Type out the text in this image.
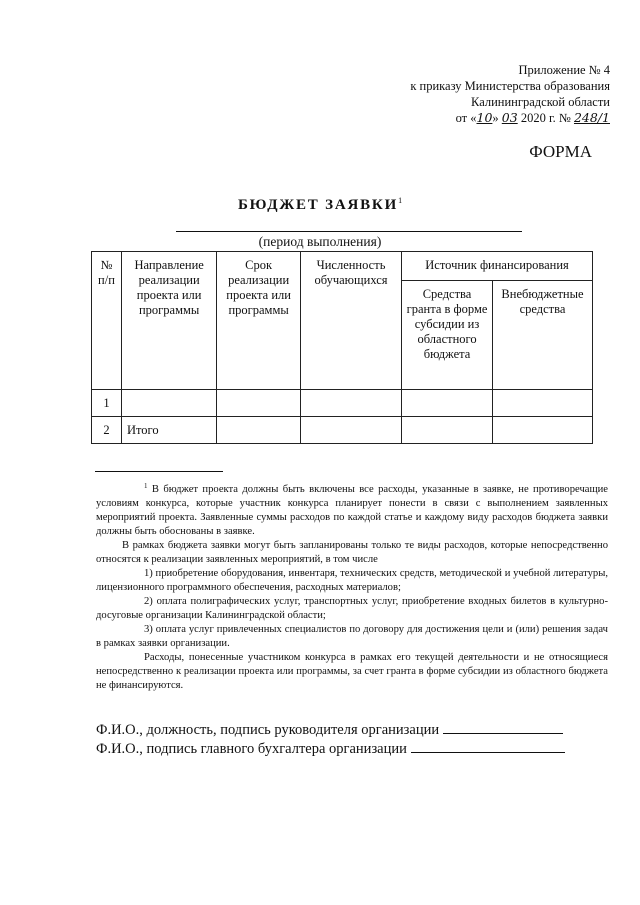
Приложение № 4
к приказу Министерства образования
Калининградской области
от «10» 03 2020 г. № 248/1
ФОРМА
БЮДЖЕТ ЗАЯВКИ$^1$
(период выполнения)
№ п/п	Направление реализации проекта или программы	Срок реализации проекта или программы	Численность обучающихся	Источник финансирования	
				Средства гранта в форме субсидии из областного бюджета	Внебюджетные средства
1					
2	Итого				

$^1$ В бюджет проекта должны быть включены все расходы, указанные в заявке, не противоречащие условиям конкурса, которые участник конкурса планирует понести в связи с выполнением заявленных мероприятий проекта. Заявленные суммы расходов по каждой статье и каждому виду расходов бюджета заявки должны быть обоснованы в заявке.

В рамках бюджета заявки могут быть запланированы только те виды расходов, которые непосредственно относятся к реализации заявленных мероприятий, в том числе

1) приобретение оборудования, инвентаря, технических средств, методической и учебной литературы, лицензионного программного обеспечения, расходных материалов;

2) оплата полиграфических услуг, транспортных услуг, приобретение входных билетов в культурно-досуговые организации Калининградской области;

3) оплата услуг привлеченных специалистов по договору для достижения цели и (или) решения задач в рамках заявки организации.

Расходы, понесенные участником конкурса в рамках его текущей деятельности и не относящиеся непосредственно к реализации проекта или программы, за счет гранта в форме субсидии из областного бюджета не финансируются.

Ф.И.О., должность, подпись руководителя организации
Ф.И.О., подпись главного бухгалтера организации
